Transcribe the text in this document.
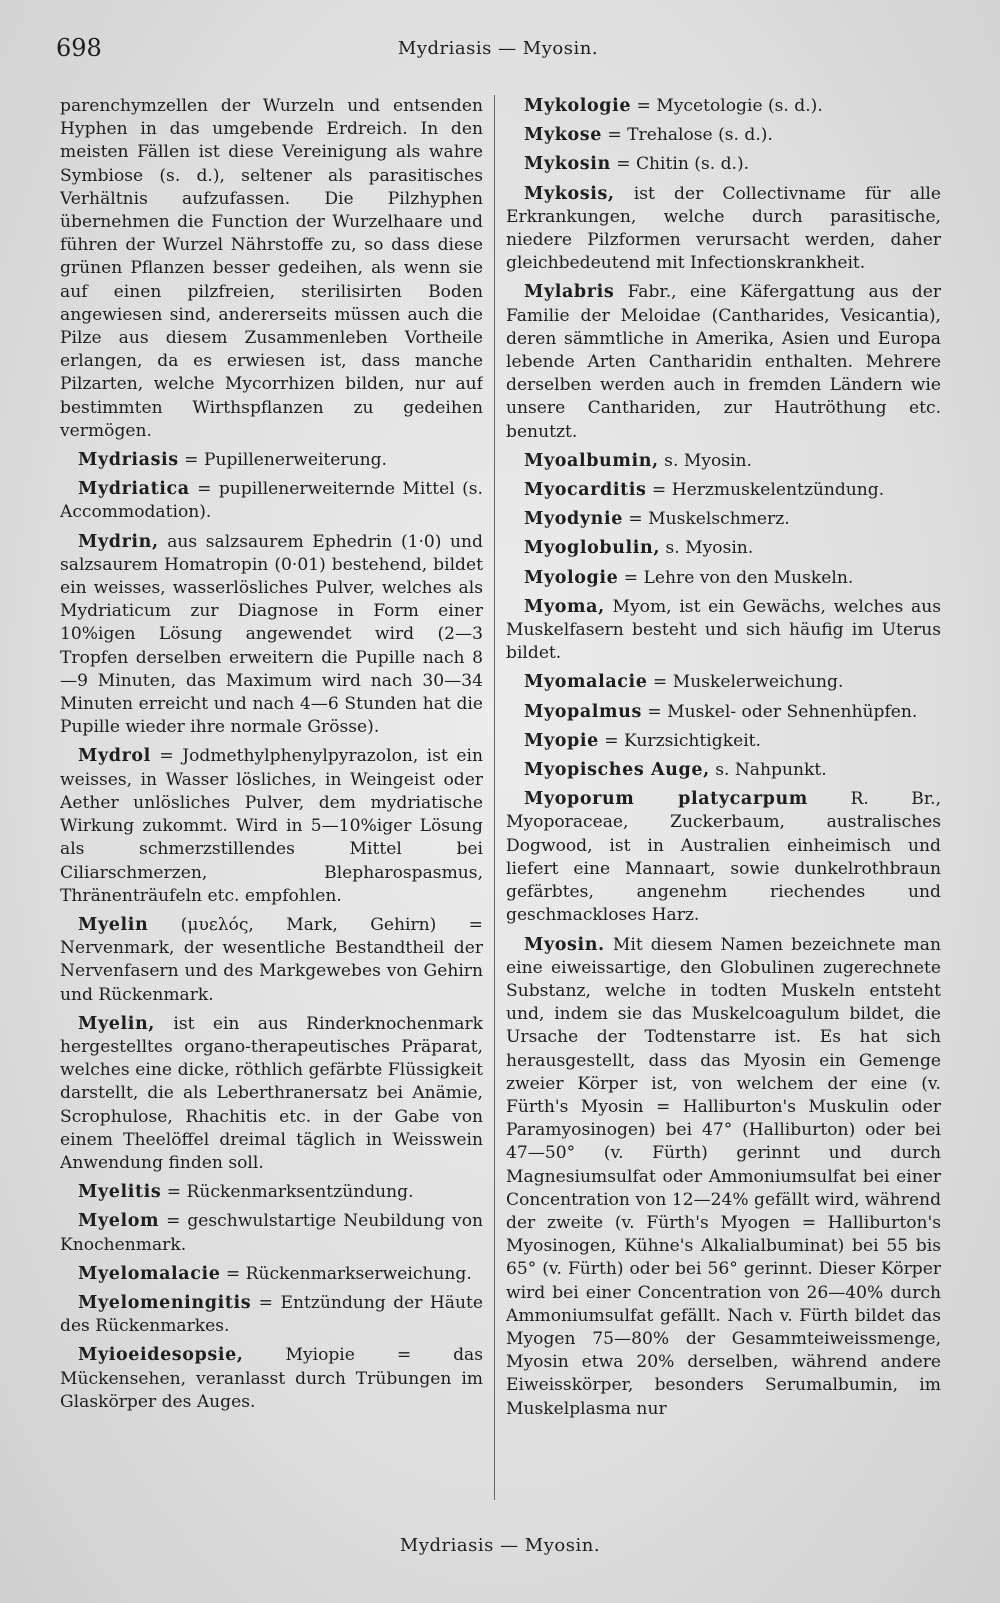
698	Mydriasis — Myosin.

parenchymzellen der Wurzeln und entsenden Hyphen in das umgebende Erdreich. In den meisten Fällen ist diese Vereinigung als wahre Symbiose (s. d.), seltener als parasitisches Verhältnis aufzufassen. Die Pilzhyphen übernehmen die Function der Wurzelhaare und führen der Wurzel Nährstoffe zu, so dass diese grünen Pflanzen besser gedeihen, als wenn sie auf einen pilzfreien, sterilisirten Boden angewiesen sind, andererseits müssen auch die Pilze aus diesem Zusammenleben Vortheile erlangen, da es erwiesen ist, dass manche Pilzarten, welche Mycorrhizen bilden, nur auf bestimmten Wirthspflanzen zu gedeihen vermögen.

Mydriasis = Pupillenerweiterung.

Mydriatica = pupillenerweiternde Mittel (s. Accommodation).

Mydrin, aus salzsaurem Ephedrin (1·0) und salzsaurem Homatropin (0·01) bestehend, bildet ein weisses, wasserlösliches Pulver, welches als Mydriaticum zur Diagnose in Form einer 10%igen Lösung angewendet wird (2—3 Tropfen derselben erweitern die Pupille nach 8—9 Minuten, das Maximum wird nach 30—34 Minuten erreicht und nach 4—6 Stunden hat die Pupille wieder ihre normale Grösse).

Mydrol = Jodmethylphenylpyrazolon, ist ein weisses, in Wasser lösliches, in Weingeist oder Aether unlösliches Pulver, dem mydriatische Wirkung zukommt. Wird in 5—10%iger Lösung als schmerzstillendes Mittel bei Ciliarschmerzen, Blepharospasmus, Thränenträufeln etc. empfohlen.

Myelin (μυελός, Mark, Gehirn) = Nervenmark, der wesentliche Bestandtheil der Nervenfasern und des Markgewebes von Gehirn und Rückenmark.

Myelin, ist ein aus Rinderknochenmark hergestelltes organo-therapeutisches Präparat, welches eine dicke, röthlich gefärbte Flüssigkeit darstellt, die als Leberthranersatz bei Anämie, Scrophulose, Rhachitis etc. in der Gabe von einem Theelöffel dreimal täglich in Weisswein Anwendung finden soll.

Myelitis = Rückenmarksentzündung.

Myelom = geschwulstartige Neubildung von Knochenmark.

Myelomalacie = Rückenmarkserweichung.

Myelomeningitis = Entzündung der Häute des Rückenmarkes.

Myioeidesopsie, Myiopie = das Mückensehen, veranlasst durch Trübungen im Glaskörper des Auges.

Mykologie = Mycetologie (s. d.).

Mykose = Trehalose (s. d.).

Mykosin = Chitin (s. d.).

Mykosis, ist der Collectivname für alle Erkrankungen, welche durch parasitische, niedere Pilzformen verursacht werden, daher gleichbedeutend mit Infectionskrankheit.

Mylabris Fabr., eine Käfergattung aus der Familie der Meloidae (Cantharides, Vesicantia), deren sämmtliche in Amerika, Asien und Europa lebende Arten Cantharidin enthalten. Mehrere derselben werden auch in fremden Ländern wie unsere Canthariden, zur Hautröthung etc. benutzt.

Myoalbumin, s. Myosin.

Myocarditis = Herzmuskelentzündung.

Myodynie = Muskelschmerz.

Myoglobulin, s. Myosin.

Myologie = Lehre von den Muskeln.

Myoma, Myom, ist ein Gewächs, welches aus Muskelfasern besteht und sich häufig im Uterus bildet.

Myomalacie = Muskelerweichung.

Myopalmus = Muskel- oder Sehnenhüpfen.

Myopie = Kurzsichtigkeit.

Myopisches Auge, s. Nahpunkt.

Myoporum platycarpum R. Br., Myoporaceae, Zuckerbaum, australisches Dogwood, ist in Australien einheimisch und liefert eine Mannaart, sowie dunkelrothbraun gefärbtes, angenehm riechendes und geschmackloses Harz.

Myosin. Mit diesem Namen bezeichnete man eine eiweissartige, den Globulinen zugerechnete Substanz, welche in todten Muskeln entsteht und, indem sie das Muskelcoagulum bildet, die Ursache der Todtenstarre ist. Es hat sich herausgestellt, dass das Myosin ein Gemenge zweier Körper ist, von welchem der eine (v. Fürth's Myosin = Halliburton's Muskulin oder Paramyosinogen) bei 47° (Halliburton) oder bei 47—50° (v. Fürth) gerinnt und durch Magnesiumsulfat oder Ammoniumsulfat bei einer Concentration von 12—24% gefällt wird, während der zweite (v. Fürth's Myogen = Halliburton's Myosinogen, Kühne's Alkalialbuminat) bei 55 bis 65° (v. Fürth) oder bei 56° gerinnt. Dieser Körper wird bei einer Concentration von 26—40% durch Ammoniumsulfat gefällt. Nach v. Fürth bildet das Myogen 75—80% der Gesammteiweissmenge, Myosin etwa 20% derselben, während andere Eiweisskörper, besonders Serumalbumin, im Muskelplasma nur

Mydriasis — Myosin.
